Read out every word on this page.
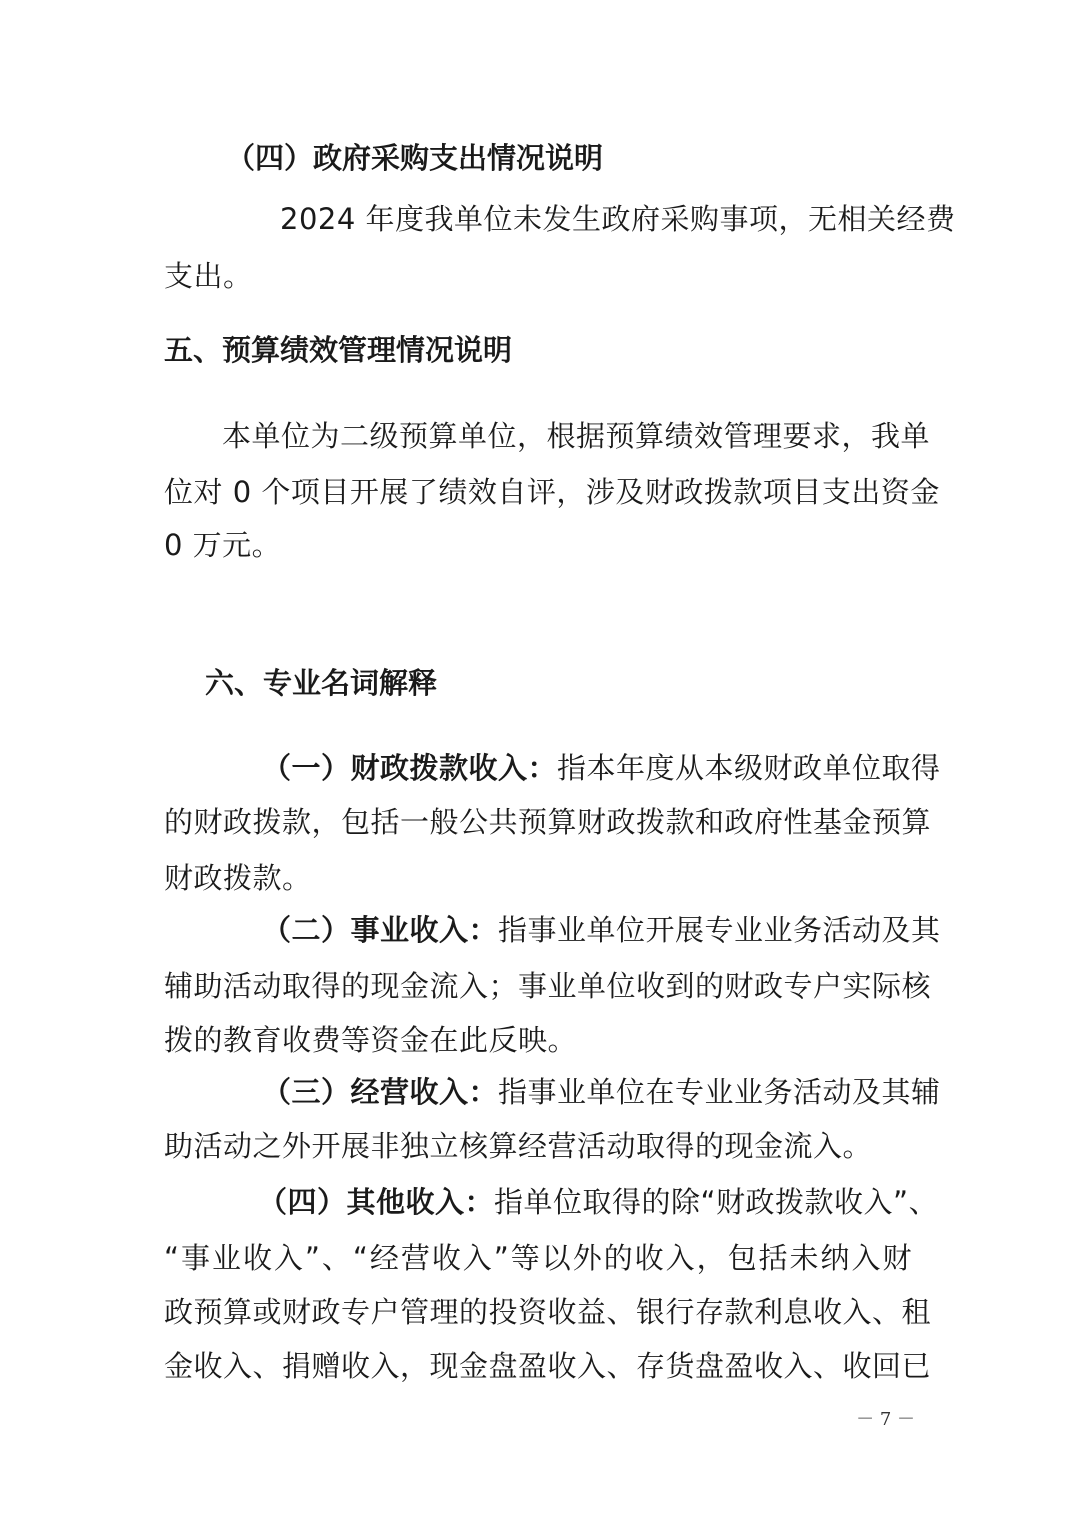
（四）政府采购支出情况说明
2024 年度我单位未发生政府采购事项，无相关经费
支出。
五、预算绩效管理情况说明
本单位为二级预算单位，根据预算绩效管理要求，我单
位对 0 个项目开展了绩效自评，涉及财政拨款项目支出资金
0 万元。
六、专业名词解释
（一）财政拨款收入：指本年度从本级财政单位取得
的财政拨款，包括一般公共预算财政拨款和政府性基金预算
财政拨款。
（二）事业收入：指事业单位开展专业业务活动及其
辅助活动取得的现金流入；事业单位收到的财政专户实际核
拨的教育收费等资金在此反映。
（三）经营收入：指事业单位在专业业务活动及其辅
助活动之外开展非独立核算经营活动取得的现金流入。
（四）其他收入：指单位取得的除“财政拨款收入”、
“事业收入”、“经营收入”等以外的收入，包括未纳入财
政预算或财政专户管理的投资收益、银行存款利息收入、租
金收入、捐赠收入，现金盘盈收入、存货盘盈收入、收回已
－ 7 －
